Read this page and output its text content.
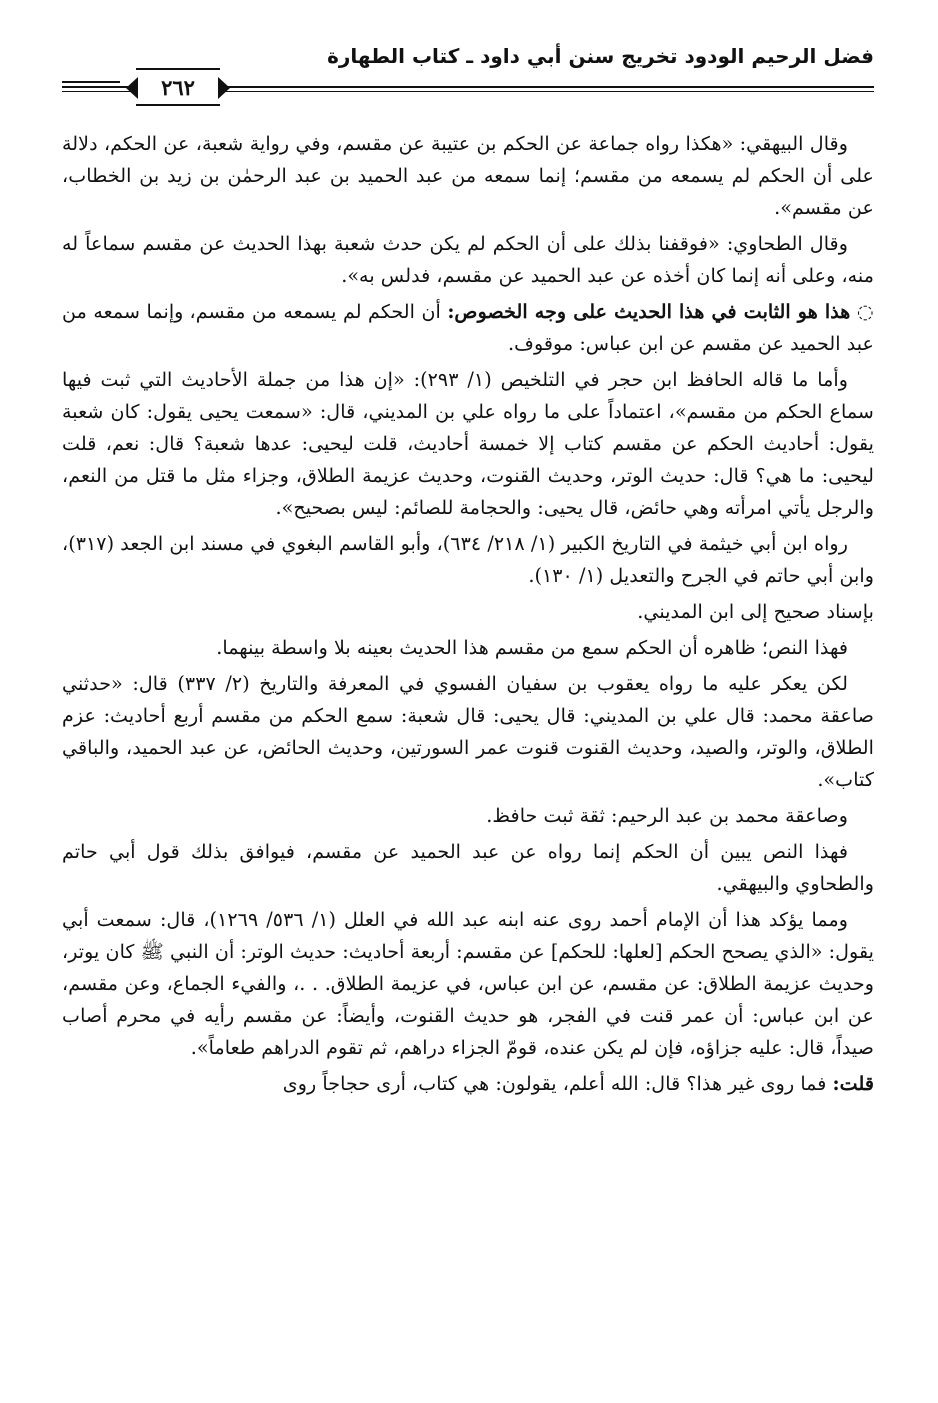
فضل الرحيم الودود تخريج سنن أبي داود ـ كتاب الطهارة
٢٦٢

وقال البيهقي: «هكذا رواه جماعة عن الحكم بن عتيبة عن مقسم، وفي رواية شعبة، عن الحكم، دلالة على أن الحكم لم يسمعه من مقسم؛ إنما سمعه من عبد الحميد بن عبد الرحمٰن بن زيد بن الخطاب، عن مقسم».

وقال الطحاوي: «فوقفنا بذلك على أن الحكم لم يكن حدث شعبة بهذا الحديث عن مقسم سماعاً له منه، وعلى أنه إنما كان أخذه عن عبد الحميد عن مقسم، فدلس به».

◌ هذا هو الثابت في هذا الحديث على وجه الخصوص: أن الحكم لم يسمعه من مقسم، وإنما سمعه من عبد الحميد عن مقسم عن ابن عباس: موقوف.

وأما ما قاله الحافظ ابن حجر في التلخيص (١/ ٢٩٣): «إن هذا من جملة الأحاديث التي ثبت فيها سماع الحكم من مقسم»، اعتماداً على ما رواه علي بن المديني، قال: «سمعت يحيى يقول: كان شعبة يقول: أحاديث الحكم عن مقسم كتاب إلا خمسة أحاديث، قلت ليحيى: عدها شعبة؟ قال: نعم، قلت ليحيى: ما هي؟ قال: حديث الوتر، وحديث القنوت، وحديث عزيمة الطلاق، وجزاء مثل ما قتل من النعم، والرجل يأتي امرأته وهي حائض، قال يحيى: والحجامة للصائم: ليس بصحيح».

رواه ابن أبي خيثمة في التاريخ الكبير (١/ ٢١٨/ ٦٣٤)، وأبو القاسم البغوي في مسند ابن الجعد (٣١٧)، وابن أبي حاتم في الجرح والتعديل (١/ ١٣٠).

بإسناد صحيح إلى ابن المديني.

فهذا النص؛ ظاهره أن الحكم سمع من مقسم هذا الحديث بعينه بلا واسطة بينهما.

لكن يعكر عليه ما رواه يعقوب بن سفيان الفسوي في المعرفة والتاريخ (٢/ ٣٣٧) قال: «حدثني صاعقة محمد: قال علي بن المديني: قال يحيى: قال شعبة: سمع الحكم من مقسم أربع أحاديث: عزم الطلاق، والوتر، والصيد، وحديث القنوت قنوت عمر السورتين، وحديث الحائض، عن عبد الحميد، والباقي كتاب».

وصاعقة محمد بن عبد الرحيم: ثقة ثبت حافظ.

فهذا النص يبين أن الحكم إنما رواه عن عبد الحميد عن مقسم، فيوافق بذلك قول أبي حاتم والطحاوي والبيهقي.

ومما يؤكد هذا أن الإمام أحمد روى عنه ابنه عبد الله في العلل (١/ ٥٣٦/ ١٢٦٩)، قال: سمعت أبي يقول: «الذي يصحح الحكم [لعلها: للحكم] عن مقسم: أربعة أحاديث: حديث الوتر: أن النبي ﷺ كان يوتر، وحديث عزيمة الطلاق: عن مقسم، عن ابن عباس، في عزيمة الطلاق. . .، والفيء الجماع، وعن مقسم، عن ابن عباس: أن عمر قنت في الفجر، هو حديث القنوت، وأيضاً: عن مقسم رأيه في محرم أصاب صيداً، قال: عليه جزاؤه، فإن لم يكن عنده، قومّ الجزاء دراهم، ثم تقوم الدراهم طعاماً».

قلت: فما روى غير هذا؟ قال: الله أعلم، يقولون: هي كتاب، أرى حجاجاً روى
